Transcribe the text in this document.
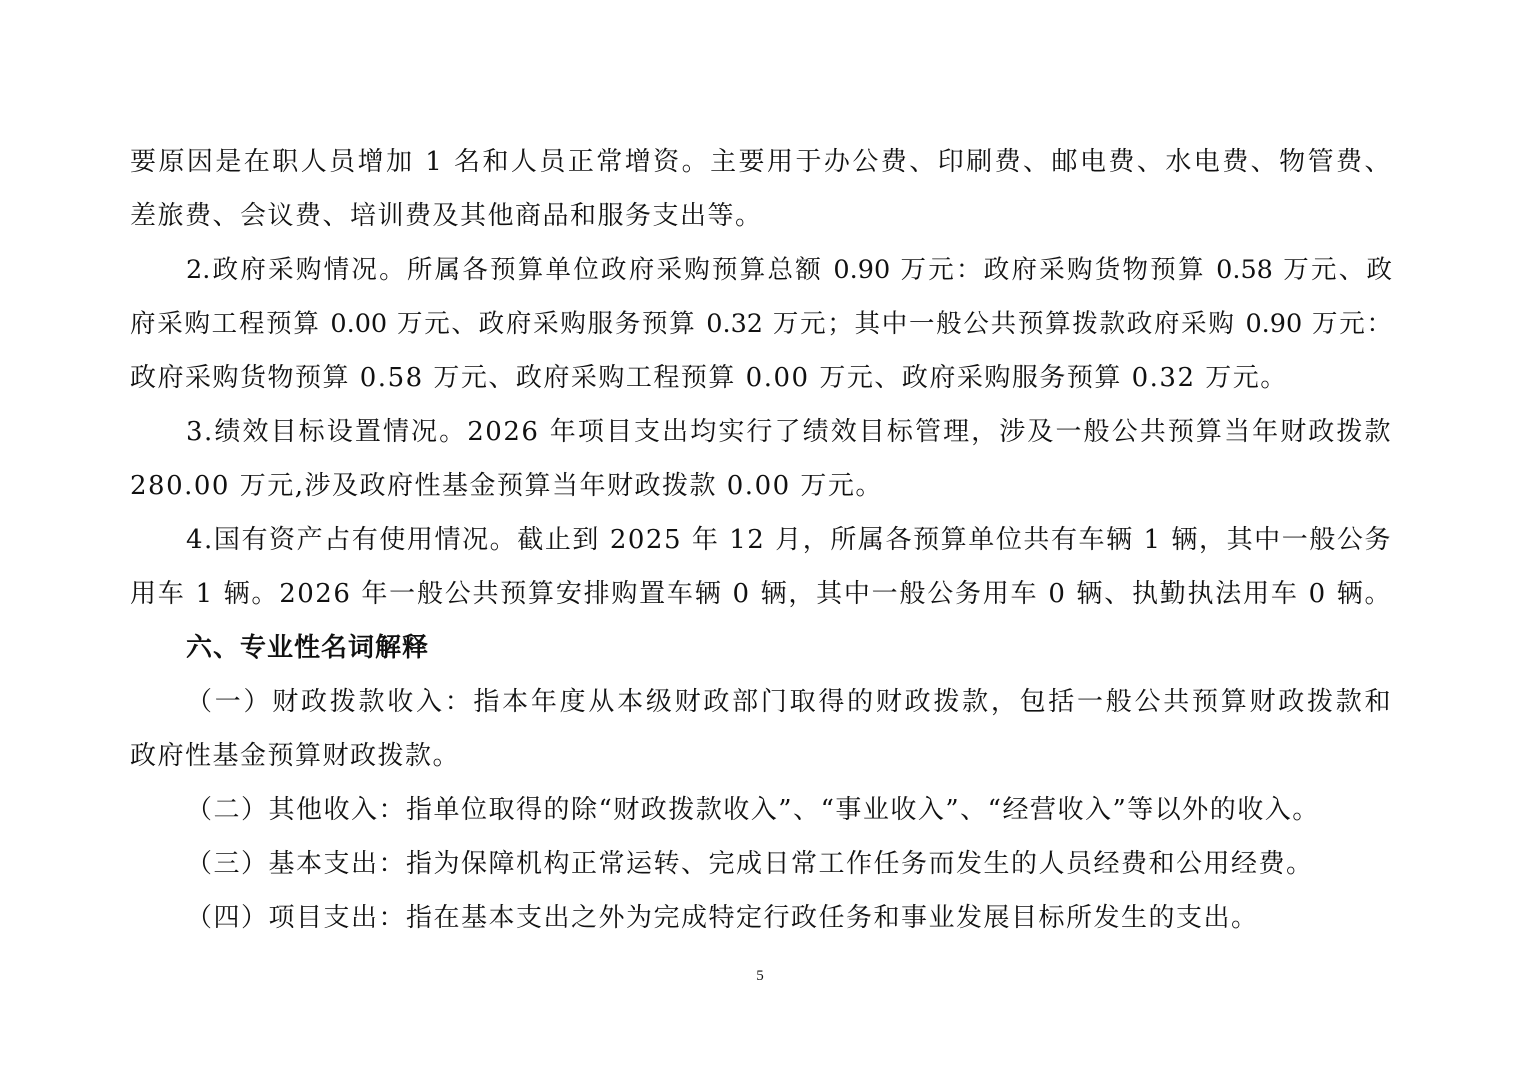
要原因是在职人员增加 1 名和人员正常增资。主要用于办公费、印刷费、邮电费、水电费、物管费、
差旅费、会议费、培训费及其他商品和服务支出等。
2.政府采购情况。所属各预算单位政府采购预算总额 0.90 万元：政府采购货物预算 0.58 万元、政
府采购工程预算 0.00 万元、政府采购服务预算 0.32 万元；其中一般公共预算拨款政府采购 0.90 万元：
政府采购货物预算 0.58 万元、政府采购工程预算 0.00 万元、政府采购服务预算 0.32 万元。
3.绩效目标设置情况。2026 年项目支出均实行了绩效目标管理，涉及一般公共预算当年财政拨款
280.00 万元,涉及政府性基金预算当年财政拨款 0.00 万元。
4.国有资产占有使用情况。截止到 2025 年 12 月，所属各预算单位共有车辆 1 辆，其中一般公务
用车 1 辆。2026 年一般公共预算安排购置车辆 0 辆，其中一般公务用车 0 辆、执勤执法用车 0 辆。
六、专业性名词解释
（一）财政拨款收入：指本年度从本级财政部门取得的财政拨款，包括一般公共预算财政拨款和
政府性基金预算财政拨款。
（二）其他收入：指单位取得的除“财政拨款收入”、“事业收入”、“经营收入”等以外的收入。
（三）基本支出：指为保障机构正常运转、完成日常工作任务而发生的人员经费和公用经费。
（四）项目支出：指在基本支出之外为完成特定行政任务和事业发展目标所发生的支出。
5
